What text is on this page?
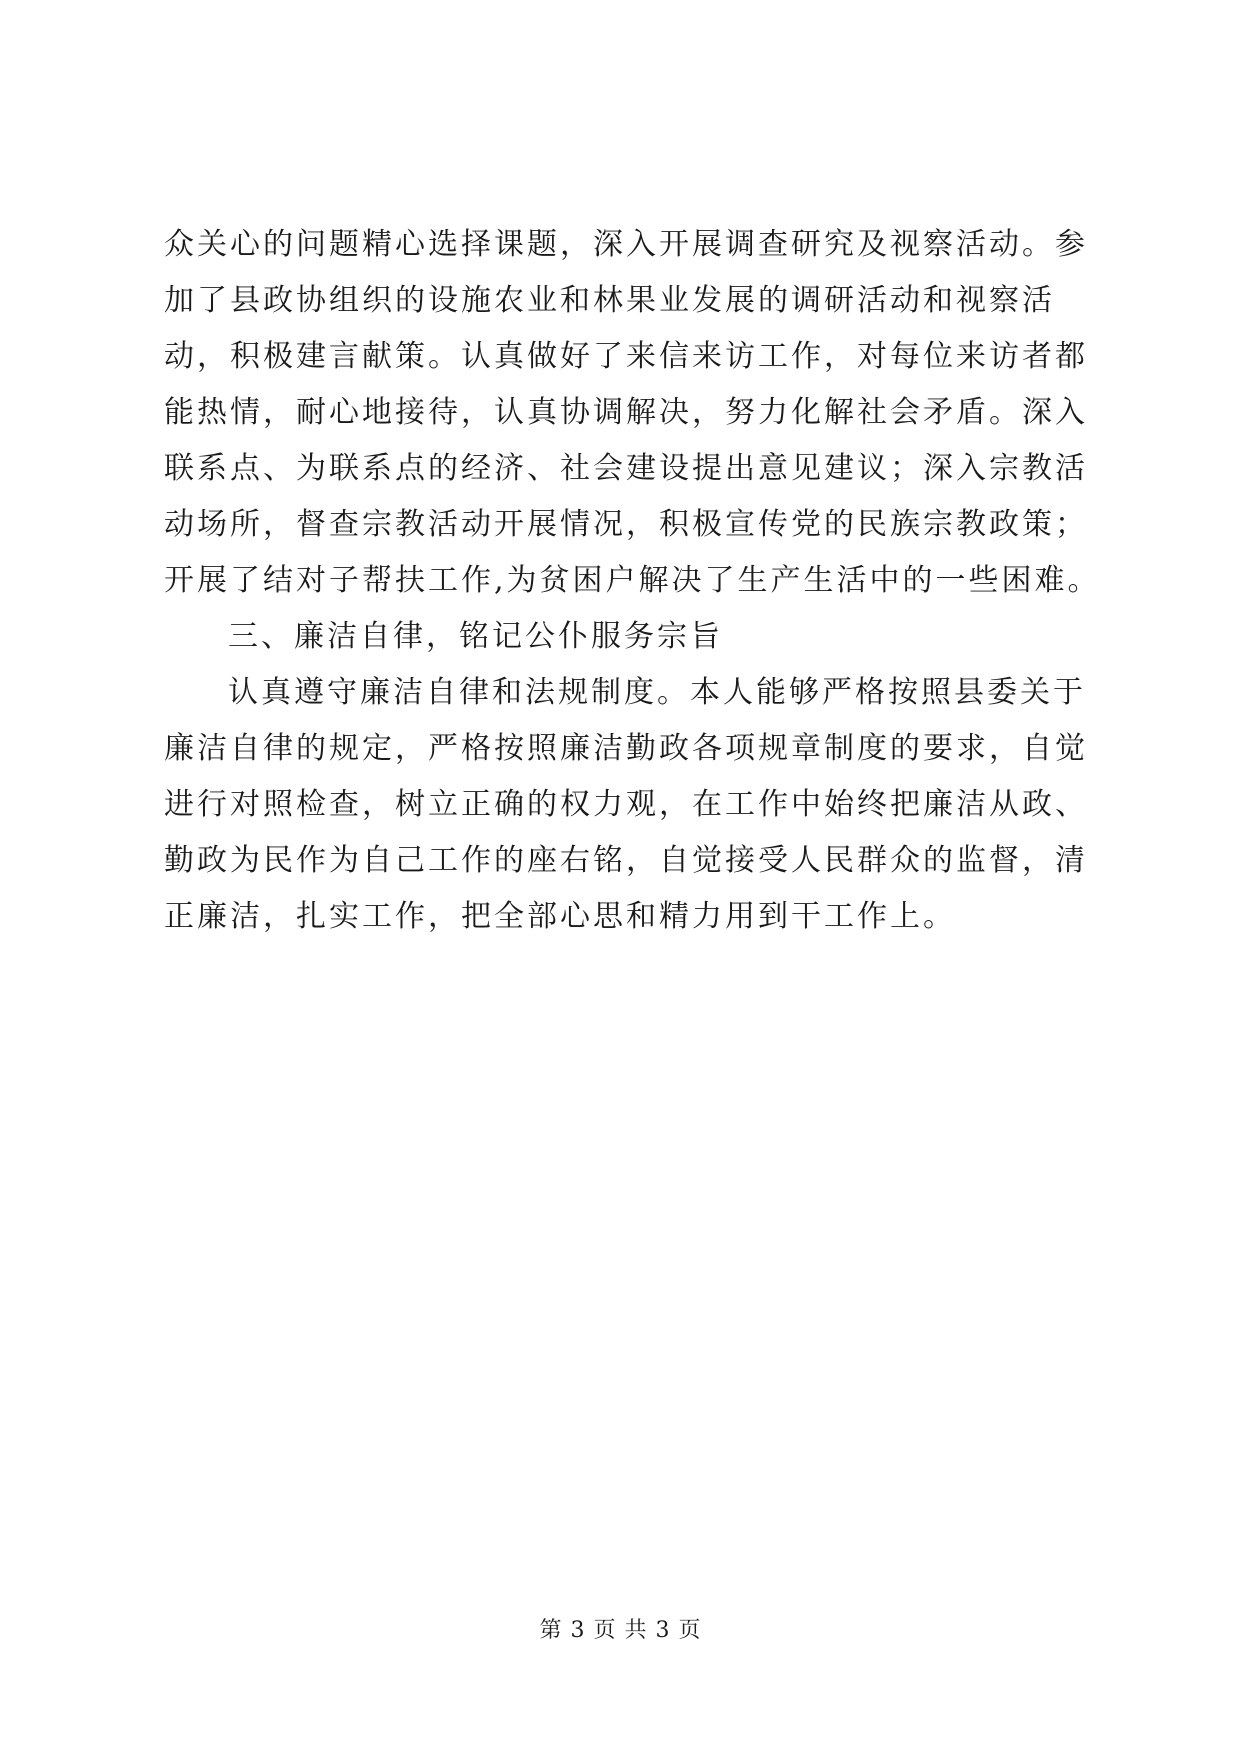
众关心的问题精心选择课题，深入开展调查研究及视察活动。参
加了县政协组织的设施农业和林果业发展的调研活动和视察活
动，积极建言献策。认真做好了来信来访工作，对每位来访者都
能热情，耐心地接待，认真协调解决，努力化解社会矛盾。深入
联系点、为联系点的经济、社会建设提出意见建议；深入宗教活
动场所，督查宗教活动开展情况，积极宣传党的民族宗教政策；
开展了结对子帮扶工作,为贫困户解决了生产生活中的一些困难。
三、廉洁自律，铭记公仆服务宗旨
认真遵守廉洁自律和法规制度。本人能够严格按照县委关于
廉洁自律的规定，严格按照廉洁勤政各项规章制度的要求，自觉
进行对照检查，树立正确的权力观，在工作中始终把廉洁从政、
勤政为民作为自己工作的座右铭，自觉接受人民群众的监督，清
正廉洁，扎实工作，把全部心思和精力用到干工作上。
第 3 页 共 3 页
